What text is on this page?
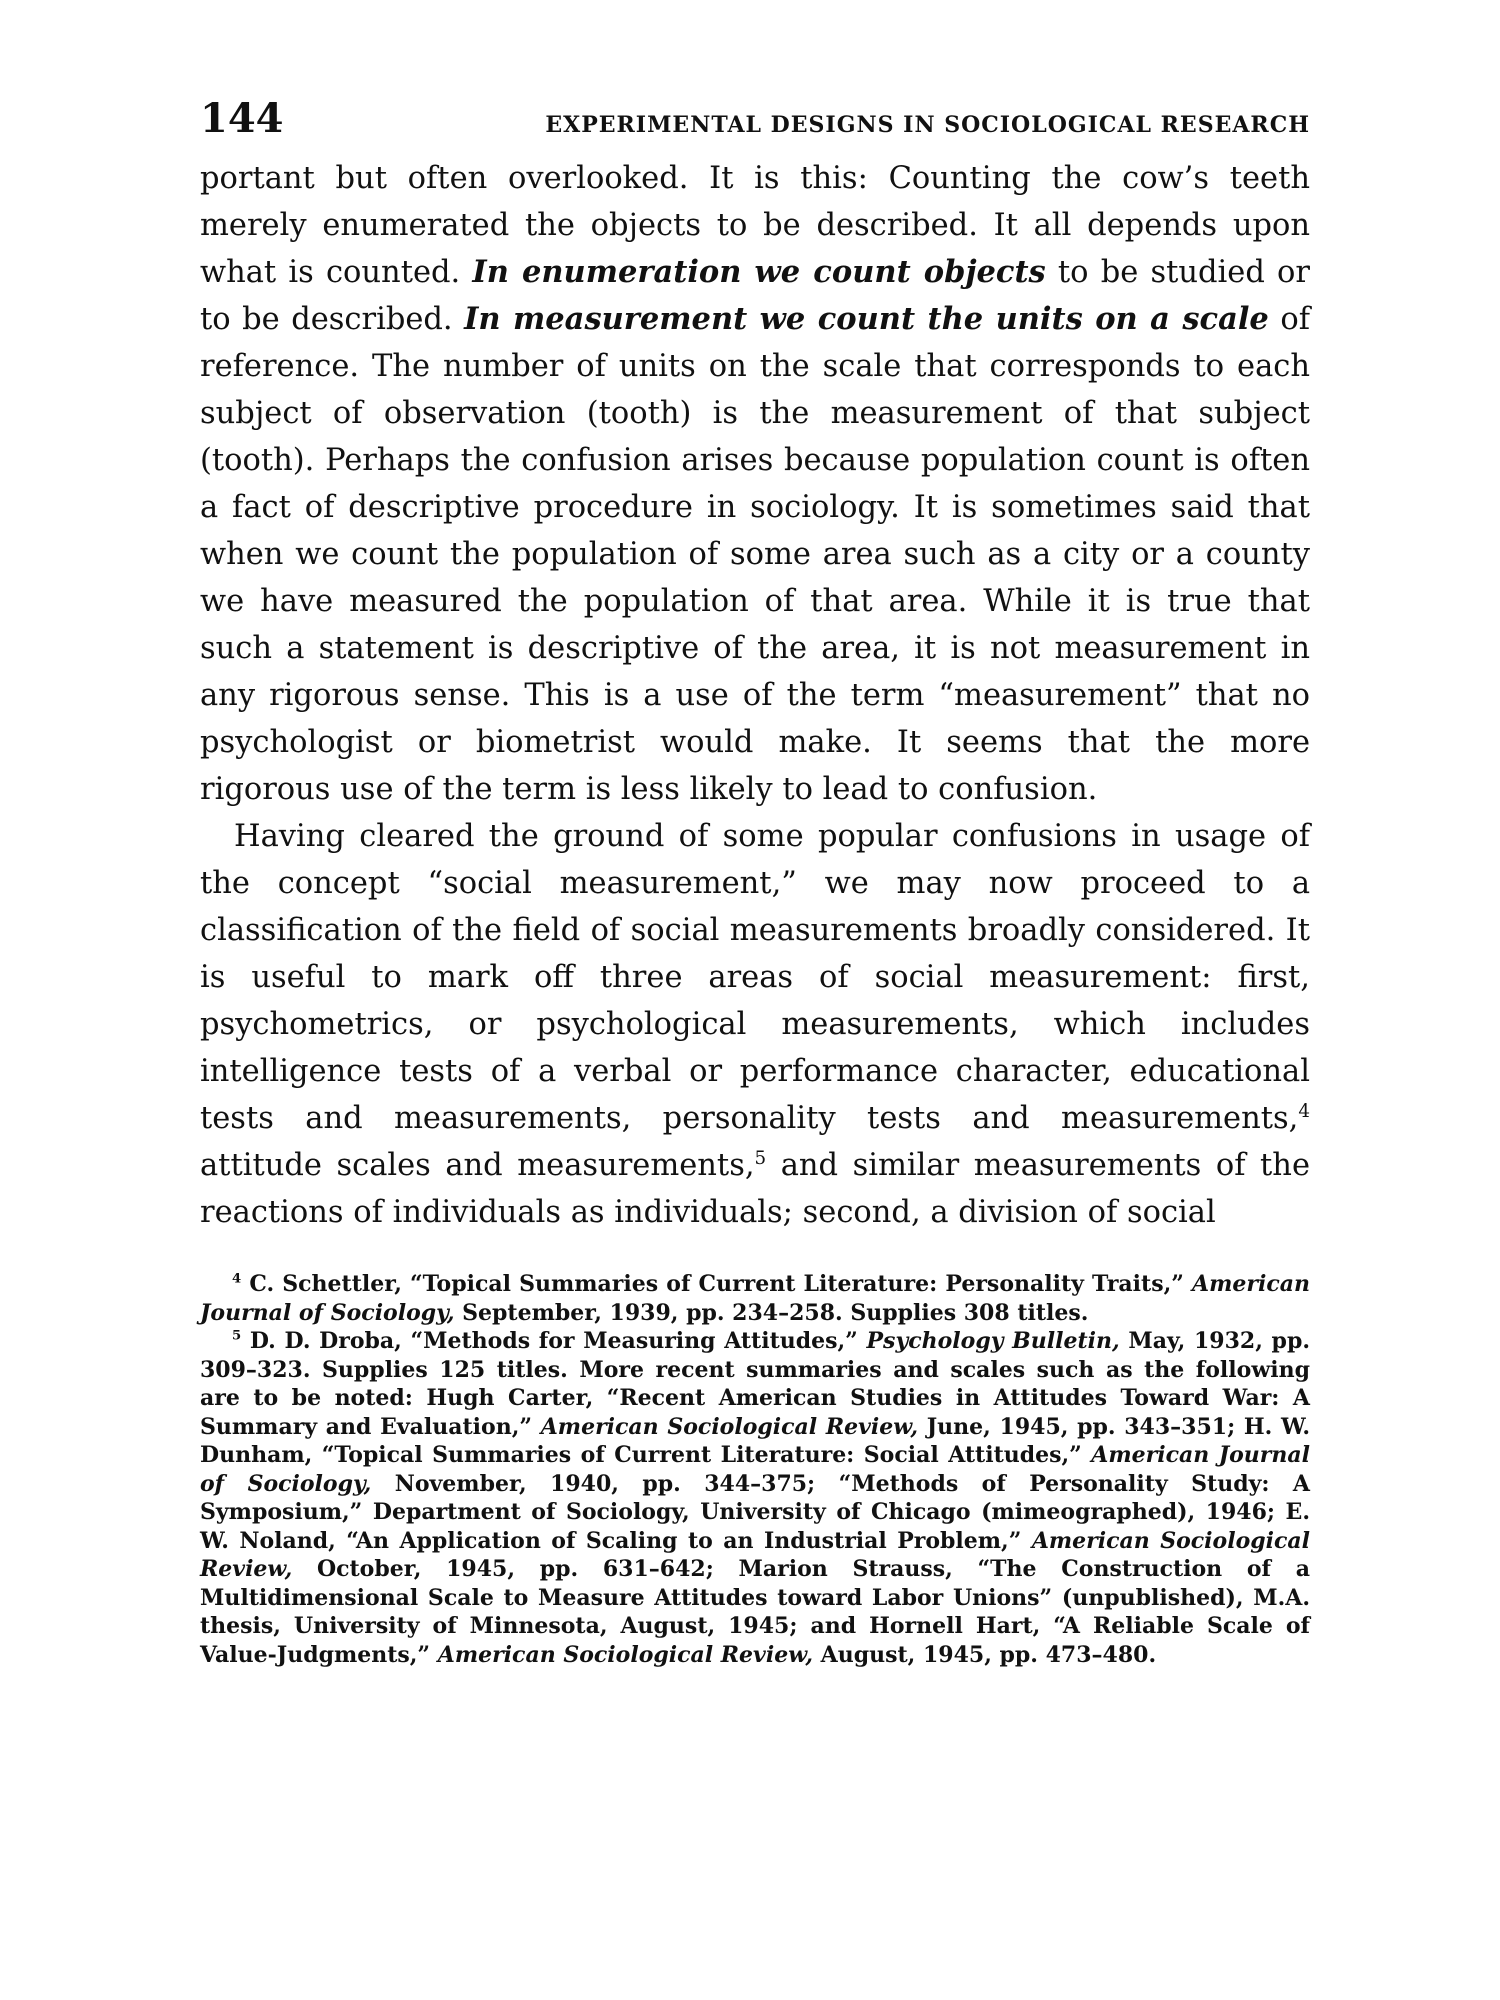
144	EXPERIMENTAL DESIGNS IN SOCIOLOGICAL RESEARCH

portant but often overlooked. It is this: Counting the cow’s teeth merely enumerated the objects to be described. It all depends upon what is counted. In enumeration we count objects to be studied or to be described. In measurement we count the units on a scale of reference. The number of units on the scale that corresponds to each subject of observation (tooth) is the measurement of that subject (tooth). Perhaps the confusion arises because population count is often a fact of descriptive procedure in sociology. It is sometimes said that when we count the population of some area such as a city or a county we have measured the population of that area. While it is true that such a statement is descriptive of the area, it is not measurement in any rigorous sense. This is a use of the term “measurement” that no psychologist or biometrist would make. It seems that the more rigorous use of the term is less likely to lead to confusion.

Having cleared the ground of some popular confusions in usage of the concept “social measurement,” we may now proceed to a classification of the field of social measurements broadly considered. It is useful to mark off three areas of social measurement: first, psychometrics, or psychological measurements, which includes intelligence tests of a verbal or performance character, educational tests and measurements, personality tests and measurements,$^4$ attitude scales and measurements,$^5$ and similar measurements of the reactions of individuals as individuals; second, a division of social

$^4$ C. Schettler, “Topical Summaries of Current Literature: Personality Traits,” American Journal of Sociology, September, 1939, pp. 234–258. Supplies 308 titles.

$^5$ D. D. Droba, “Methods for Measuring Attitudes,” Psychology Bulletin, May, 1932, pp. 309–323. Supplies 125 titles. More recent summaries and scales such as the following are to be noted: Hugh Carter, “Recent American Studies in Attitudes Toward War: A Summary and Evaluation,” American Sociological Review, June, 1945, pp. 343–351; H. W. Dunham, “Topical Summaries of Current Literature: Social Attitudes,” American Journal of Sociology, November, 1940, pp. 344–375; “Methods of Personality Study: A Symposium,” Department of Sociology, University of Chicago (mimeographed), 1946; E. W. Noland, “An Application of Scaling to an Industrial Problem,” American Sociological Review, October, 1945, pp. 631–642; Marion Strauss, “The Construction of a Multidimensional Scale to Measure Attitudes toward Labor Unions” (unpublished), M.A. thesis, University of Minnesota, August, 1945; and Hornell Hart, “A Reliable Scale of Value-Judgments,” American Sociological Review, August, 1945, pp. 473–480.
